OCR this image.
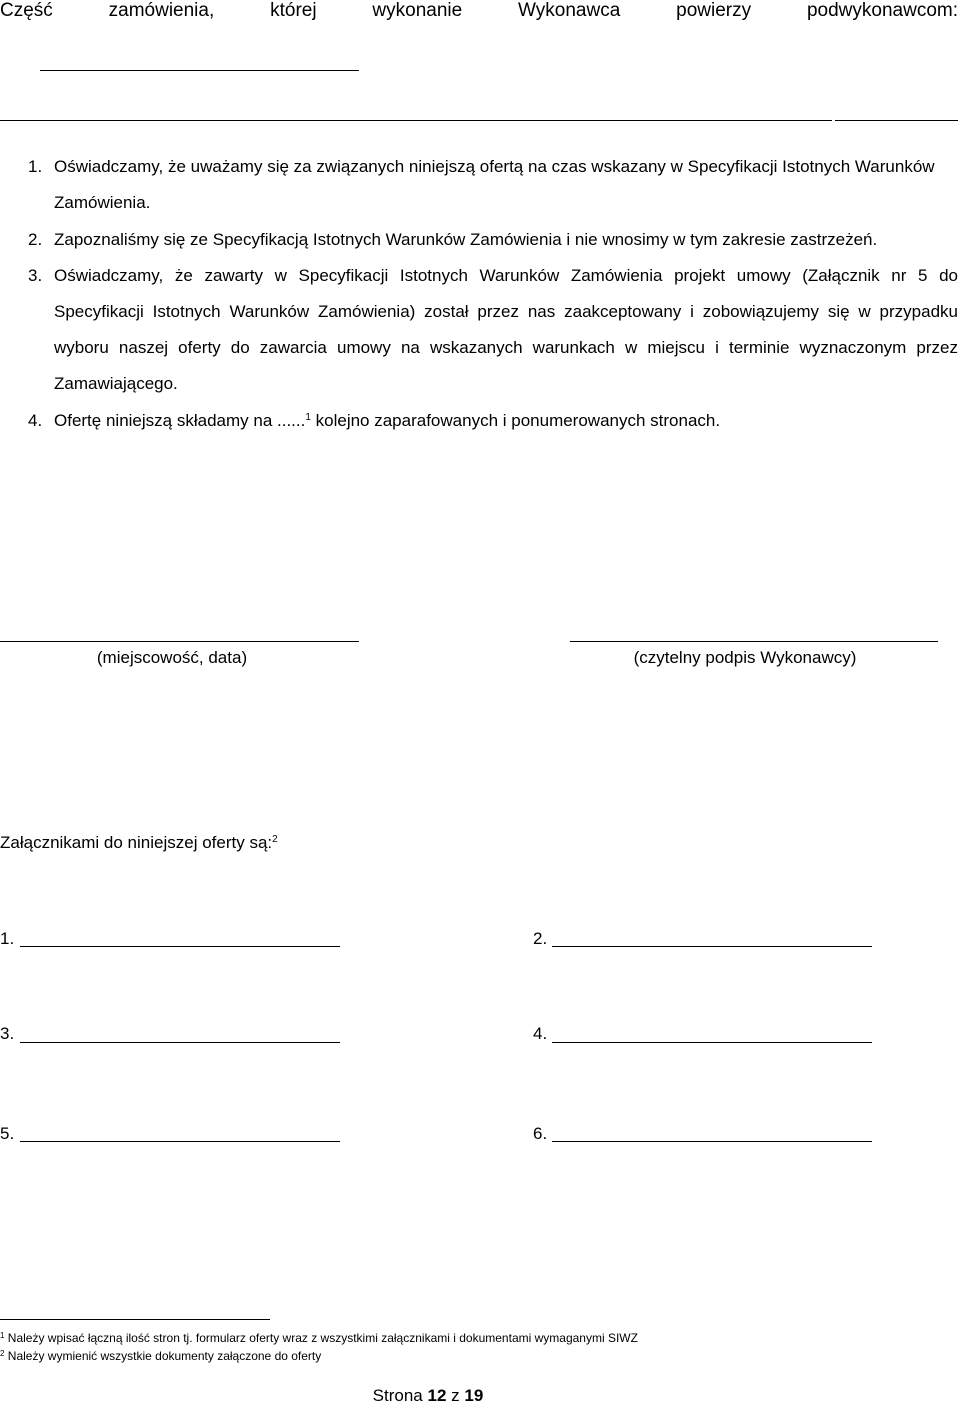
Część	zamówienia,	której	wykonanie	Wykonawca	powierzy	podwykonawcom:
1. Oświadczamy, że uważamy się za związanych niniejszą ofertą na czas wskazany w Specyfikacji Istotnych Warunków
Zamówienia.
2. Zapoznaliśmy się ze Specyfikacją Istotnych Warunków Zamówienia i nie wnosimy w tym zakresie zastrzeżeń.
3. Oświadczamy, że zawarty w Specyfikacji Istotnych Warunków Zamówienia projekt umowy (Załącznik nr 5 do
Specyfikacji Istotnych Warunków Zamówienia) został przez nas zaakceptowany i zobowiązujemy się w przypadku
wyboru naszej oferty do zawarcia umowy na wskazanych warunkach w miejscu i terminie wyznaczonym przez
Zamawiającego.
4. Ofertę niniejszą składamy na ......$^1$ kolejno zaparafowanych i ponumerowanych stronach.
(miejscowość, data)	(czytelny podpis Wykonawcy)
Załącznikami do niniejszej oferty są:$^2$
1.	2.
3.	4.
5.	6.
$^1$ Należy wpisać łączną ilość stron tj. formularz oferty wraz z wszystkimi załącznikami i dokumentami wymaganymi SIWZ
$^2$ Należy wymienić wszystkie dokumenty załączone do oferty
Strona 12 z 19
